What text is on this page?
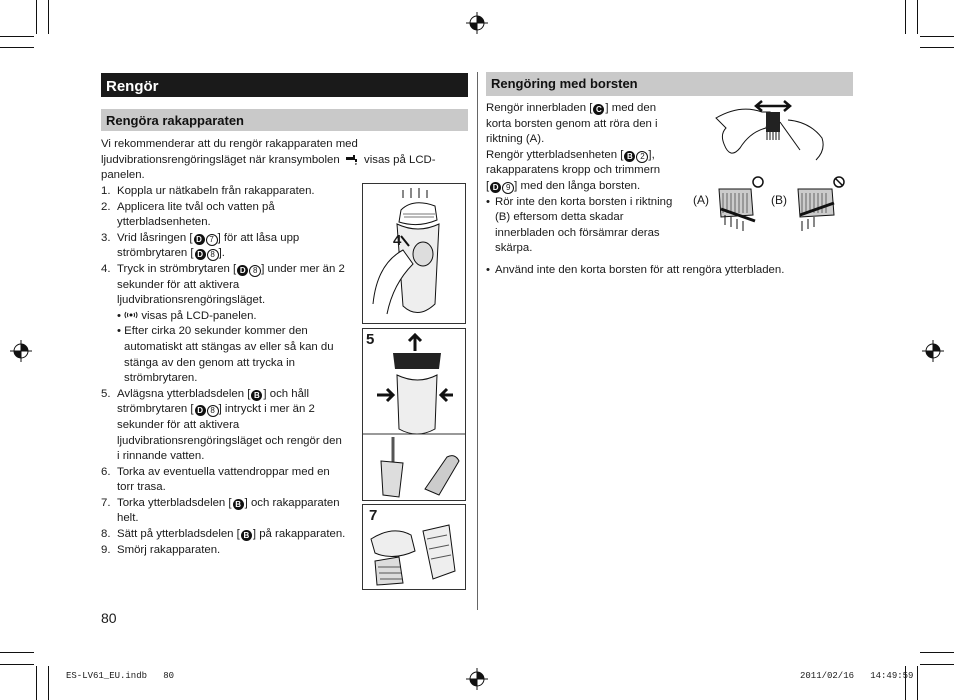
Rengör
Rengöra rakapparaten
Vi rekommenderar att du rengör rakapparaten med
ljudvibrationsrengöringsläget när kransymbolen visas på LCD-
panelen.
1. Koppla ur nätkabeln från rakapparaten.
2. Applicera lite tvål och vatten på
ytterbladsenheten.
3. Vrid låsringen [ D 7 ] för att låsa upp
strömbrytaren [ D 8 ].
4. Tryck in strömbrytaren [ D 8 ] under mer än 2
sekunder för att aktivera
ljudvibrationsrengöringsläget.
•  visas på LCD-panelen.
• Efter cirka 20 sekunder kommer den
automatiskt att stängas av eller så kan du
stänga av den genom att trycka in
strömbrytaren.
5. Avlägsna ytterbladsdelen [ B ] och håll
strömbrytaren [ D 8 ] intryckt i mer än 2
sekunder för att aktivera
ljudvibrationsrengöringsläget och rengör den
i rinnande vatten.
6. Torka av eventuella vattendroppar med en
torr trasa.
7. Torka ytterbladsdelen [ B ] och rakapparaten
helt.
8. Sätt på ytterbladsdelen [ B ] på rakapparaten.
9. Smörj rakapparaten.
4
5
7
80
Rengöring med borsten
Rengör innerbladen [ C ] med den
korta borsten genom att röra den i
riktning (A).
Rengör ytterbladsenheten [ B 2 ],
rakapparatens kropp och trimmern
[ D 9 ] med den långa borsten.
• Rör inte den korta borsten i riktning
(B) eftersom detta skadar
innerbladen och försämrar deras
skärpa.
• Använd inte den korta borsten för att rengöra ytterbladen.
(A)	(B)
ES-LV61_EU.indb   80	2011/02/16   14:49:59
